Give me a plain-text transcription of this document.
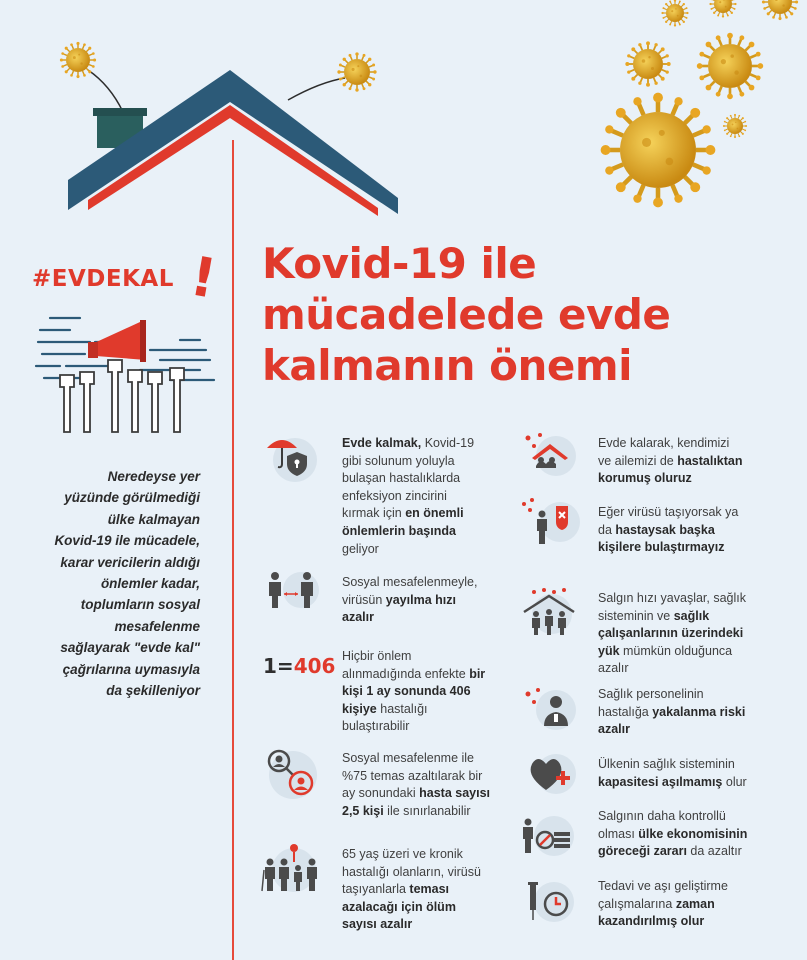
#EVDEKAL ! Kovid-19 ile
mücadelede evde
kalmanın önemi
Neredeyse yer
yüzünde görülmediği
ülke kalmayan
Kovid-19 ile mücadele,
karar vericilerin aldığı
önlemler kadar,
toplumların sosyal
mesafelenme
sağlayarak "evde kal"
çağrılarına uymasıyla
da şekilleniyor
1=406
Evde kalmak, Kovid-19
gibi solunum yoluyla
bulaşan hastalıklarda
enfeksiyon zincirini
kırmak için en önemli
önlemlerin başında
geliyor
Sosyal mesafelenmeyle,
virüsün yayılma hızı
azalır
Hiçbir önlem
alınmadığında enfekte bir
kişi 1 ay sonunda 406
kişiye hastalığı
bulaştırabilir
Sosyal mesafelenme ile
%75 temas azaltılarak bir
ay sonundaki hasta sayısı
2,5 kişi ile sınırlanabilir
65 yaş üzeri ve kronik
hastalığı olanların, virüsü
taşıyanlarla teması
azalacağı için ölüm
sayısı azalır
Evde kalarak, kendimizi
ve ailemizi de hastalıktan
korumuş oluruz
Eğer virüsü taşıyorsak ya
da hastaysak başka
kişilere bulaştırmayız
Salgın hızı yavaşlar, sağlık
sisteminin ve sağlık
çalışanlarının üzerindeki
yük mümkün olduğunca
azalır
Sağlık personelinin
hastalığa yakalanma riski
azalır
Ülkenin sağlık sisteminin
kapasitesi aşılmamış olur
Salgının daha kontrollü
olması ülke ekonomisinin
göreceği zararı da azaltır
Tedavi ve aşı geliştirme
çalışmalarına zaman
kazandırılmış olur
